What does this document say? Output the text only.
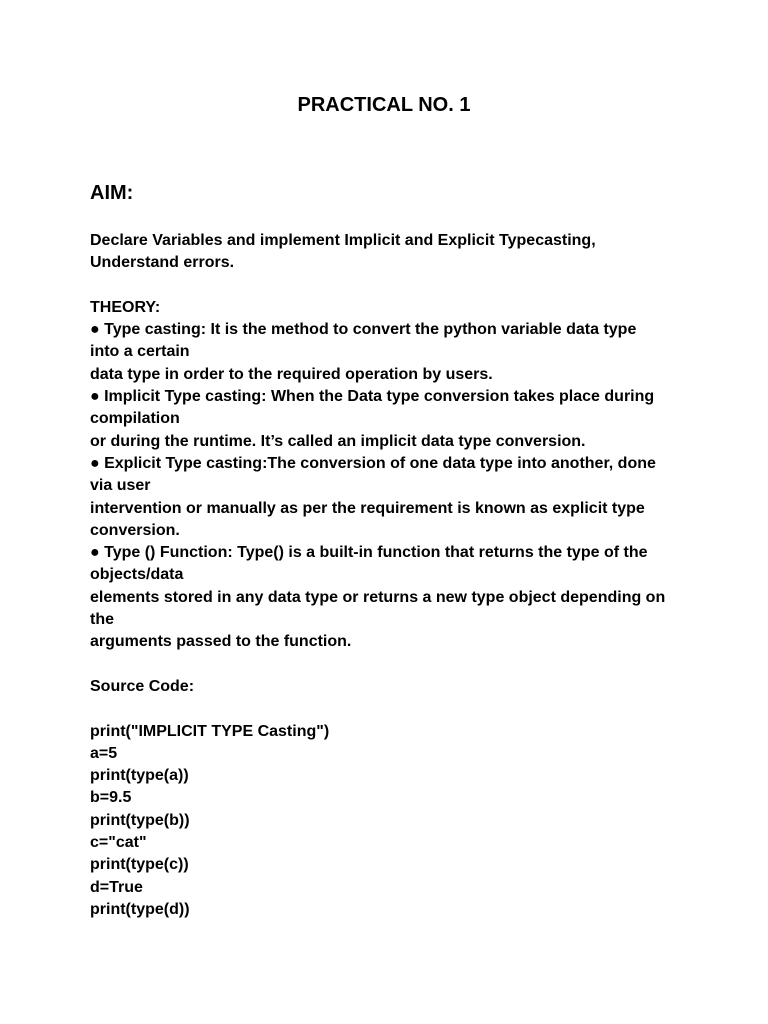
PRACTICAL NO. 1
AIM:
Declare Variables and implement Implicit and Explicit Typecasting,
Understand errors.
THEORY:
● Type casting: It is the method to convert the python variable data type
into a certain
data type in order to the required operation by users.
● Implicit Type casting: When the Data type conversion takes place during
compilation
or during the runtime. It’s called an implicit data type conversion.
● Explicit Type casting:The conversion of one data type into another, done
via user
intervention or manually as per the requirement is known as explicit type
conversion.
● Type () Function: Type() is a built-in function that returns the type of the
objects/data
elements stored in any data type or returns a new type object depending on
the
arguments passed to the function.
Source Code:
print("IMPLICIT TYPE Casting")
a=5
print(type(a))
b=9.5
print(type(b))
c="cat"
print(type(c))
d=True
print(type(d))
